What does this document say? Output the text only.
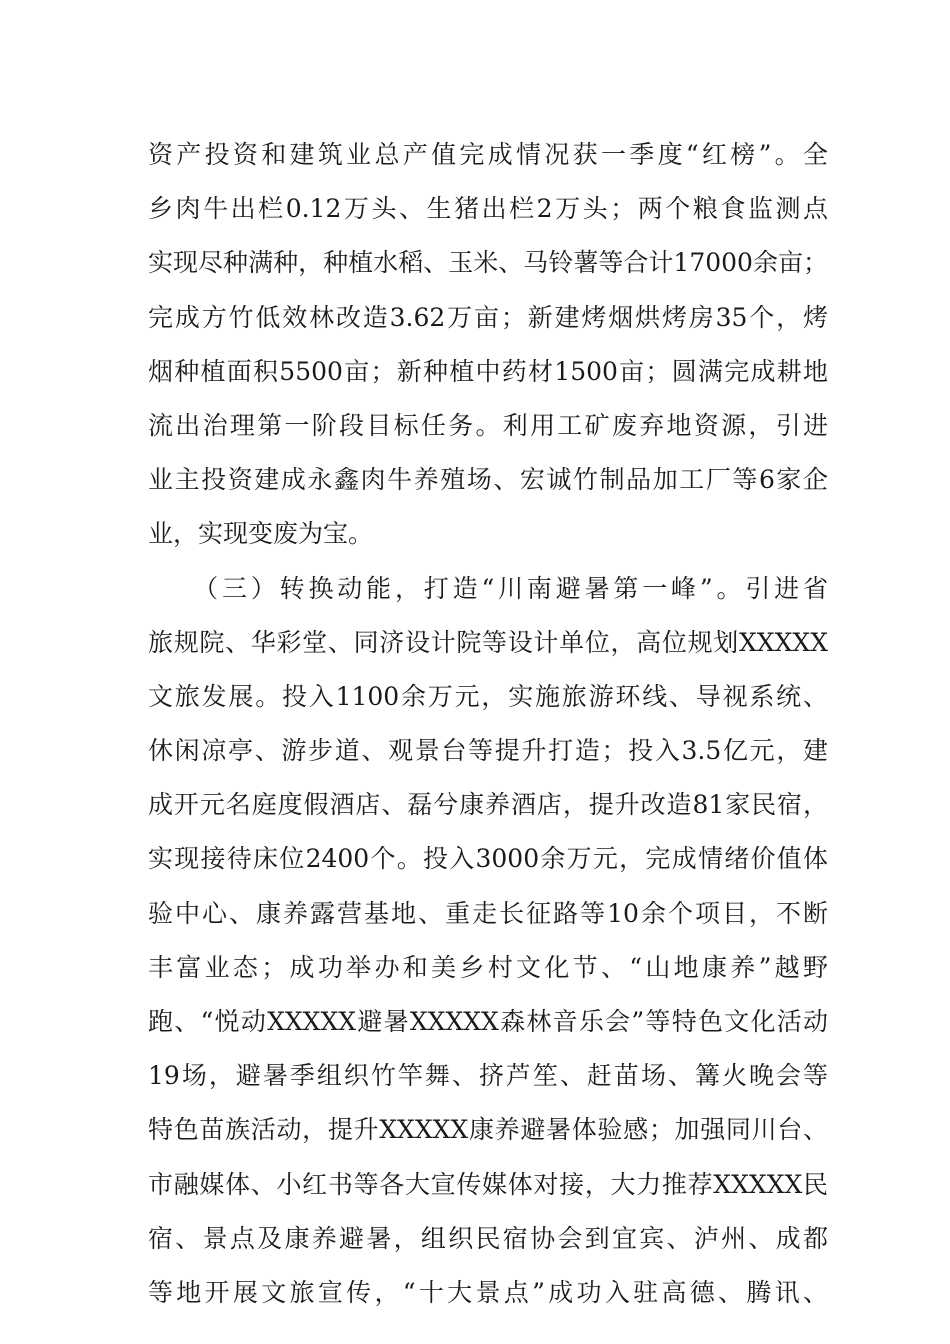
资产投资和建筑业总产值完成情况获一季度“红榜”。全
乡肉牛出栏0.12万头、生猪出栏2万头；两个粮食监测点
实现尽种满种，种植水稻、玉米、马铃薯等合计17000余亩；
完成方竹低效林改造3.62万亩；新建烤烟烘烤房35个，烤
烟种植面积5500亩；新种植中药材1500亩；圆满完成耕地
流出治理第一阶段目标任务。利用工矿废弃地资源，引进
业主投资建成永鑫肉牛养殖场、宏诚竹制品加工厂等6家企
业，实现变废为宝。
　　（三）转换动能，打造“川南避暑第一峰”。引进省
旅规院、华彩堂、同济设计院等设计单位，高位规划XXXXX
文旅发展。投入1100余万元，实施旅游环线、导视系统、
休闲凉亭、游步道、观景台等提升打造；投入3.5亿元，建
成开元名庭度假酒店、磊兮康养酒店，提升改造81家民宿，
实现接待床位2400个。投入3000余万元，完成情绪价值体
验中心、康养露营基地、重走长征路等10余个项目，不断
丰富业态；成功举办和美乡村文化节、“山地康养”越野
跑、“悦动XXXXX避暑XXXXX森林音乐会”等特色文化活动
19场，避暑季组织竹竿舞、挤芦笙、赶苗场、篝火晚会等
特色苗族活动，提升XXXXX康养避暑体验感；加强同川台、
市融媒体、小红书等各大宣传媒体对接，大力推荐XXXXX民
宿、景点及康养避暑，组织民宿协会到宜宾、泸州、成都
等地开展文旅宣传，“十大景点”成功入驻高德、腾讯、
